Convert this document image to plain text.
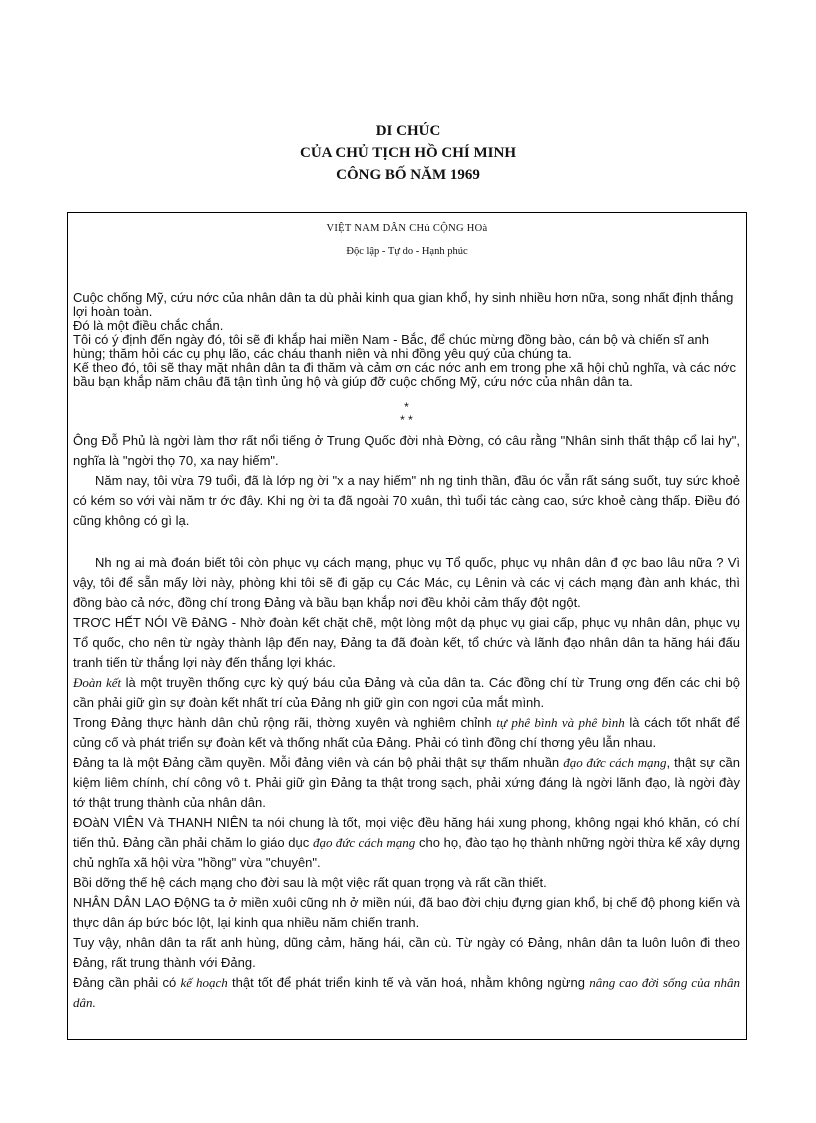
DI CHÚC
CỦA CHỦ TỊCH HỒ CHÍ MINH
CÔNG BỐ NĂM 1969
VIỆT NAM DÂN CHủ CỘNG HOà
Độc lập - Tự do - Hạnh phúc

Cuộc chống Mỹ, cứu nớc của nhân dân ta dù phải kinh qua gian khổ, hy sinh nhiều hơn nữa, song nhất định thắng lợi hoàn toàn.

Đó là một điều chắc chắn.

Tôi có ý định đến ngày đó, tôi sẽ đi khắp hai miền Nam - Bắc, để chúc mừng đồng bào, cán bộ và chiến sĩ anh hùng; thăm hỏi các cụ phụ lão, các cháu thanh niên và nhi đồng yêu quý của chúng ta.

Kế theo đó, tôi sẽ thay mặt nhân dân ta đi thăm và cảm ơn các nớc anh em trong phe xã hội chủ nghĩa, và các nớc bầu bạn khắp năm châu đã tận tình ủng hộ và giúp đỡ cuộc chống Mỹ, cứu nớc của nhân dân ta.

*
* *

Ông Đỗ Phủ là ngời làm thơ rất nổi tiếng ở Trung Quốc đời nhà Đờng, có câu rằng "Nhân sinh thất thập cổ lai hy", nghĩa là "ngời thọ 70, xa nay hiếm".

Năm nay, tôi vừa 79 tuổi, đã là lớp ng ời "x a nay hiếm" nh ng tinh thần, đầu óc vẫn rất sáng suốt, tuy sức khoẻ có kém so với vài năm tr ớc đây. Khi ng ời ta đã ngoài 70 xuân, thì tuổi tác càng cao, sức khoẻ càng thấp. Điều đó cũng không có gì lạ.

Nh ng ai mà đoán biết tôi còn phục vụ cách mạng, phục vụ Tổ quốc, phục vụ nhân dân đ ợc bao lâu nữa ? Vì vậy, tôi để sẵn mấy lời này, phòng khi tôi sẽ đi gặp cụ Các Mác, cụ Lênin và các vị cách mạng đàn anh khác, thì đồng bào cả nớc, đồng chí trong Đảng và bầu bạn khắp nơi đều khỏi cảm thấy đột ngột.

TRƠC HẾT NÓI Về ĐảNG - Nhờ đoàn kết chặt chẽ, một lòng một dạ phục vụ giai cấp, phục vụ nhân dân, phục vụ Tổ quốc, cho nên từ ngày thành lập đến nay, Đảng ta đã đoàn kết, tổ chức và lãnh đạo nhân dân ta hăng hái đấu tranh tiến từ thắng lợi này đến thắng lợi khác.

Đoàn kết là một truyền thống cực kỳ quý báu của Đảng và của dân ta. Các đồng chí từ Trung ơng đến các chi bộ cần phải giữ gìn sự đoàn kết nhất trí của Đảng nh giữ gìn con ngơi của mắt mình.

Trong Đảng thực hành dân chủ rộng rãi, thờng xuyên và nghiêm chỉnh tự phê bình và phê bình là cách tốt nhất để củng cố và phát triển sự đoàn kết và thống nhất của Đảng. Phải có tình đồng chí thơng yêu lẫn nhau.

Đảng ta là một Đảng cầm quyền. Mỗi đảng viên và cán bộ phải thật sự thấm nhuần đạo đức cách mạng, thật sự cần kiệm liêm chính, chí công vô t. Phải giữ gìn Đảng ta thật trong sạch, phải xứng đáng là ngời lãnh đạo, là ngời đày tớ thật trung thành của nhân dân.

ĐOàN VIÊN Và THANH NIÊN ta nói chung là tốt, mọi việc đều hăng hái xung phong, không ngại khó khăn, có chí tiến thủ. Đảng cần phải chăm lo giáo dục đạo đức cách mạng cho họ, đào tạo họ thành những ngời thừa kế xây dựng chủ nghĩa xã hội vừa "hồng" vừa "chuyên".

Bồi dỡng thế hệ cách mạng cho đời sau là một việc rất quan trọng và rất cần thiết.

NHÂN DÂN LAO ĐộNG ta ở miền xuôi cũng nh ở miền núi, đã bao đời chịu đựng gian khổ, bị chế độ phong kiến và thực dân áp bức bóc lột, lại kinh qua nhiều năm chiến tranh.

Tuy vậy, nhân dân ta rất anh hùng, dũng cảm, hăng hái, cần cù. Từ ngày có Đảng, nhân dân ta luôn luôn đi theo Đảng, rất trung thành với Đảng.

Đảng cần phải có kế hoạch thật tốt để phát triển kinh tế và văn hoá, nhằm không ngừng nâng cao đời sống của nhân dân.
